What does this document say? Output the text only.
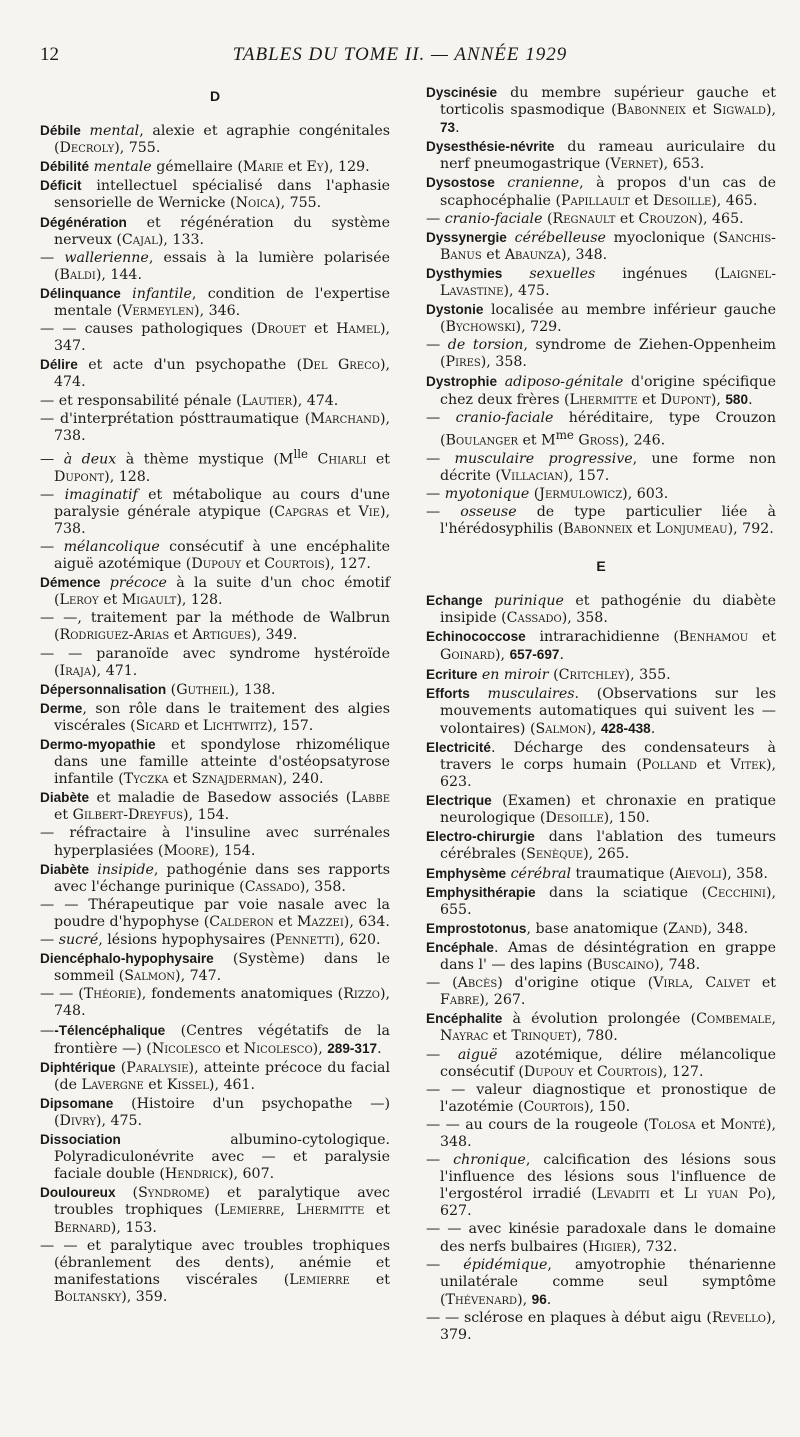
12	TABLES DU TOME II. — ANNÉE 1929
D

Débile mental, alexie et agraphie congénitales (Decroly), 755.

Débilité mentale gémellaire (Marie et Ey), 129.

Déficit intellectuel spécialisé dans l'aphasie sensorielle de Wernicke (Noica), 755.

Dégénération et régénération du système nerveux (Cajal), 133.

— wallerienne, essais à la lumière polarisée (Baldi), 144.

Délinquance infantile, condition de l'expertise mentale (Vermeylen), 346.

— — causes pathologiques (Drouet et Hamel), 347.

Délire et acte d'un psychopathe (Del Greco), 474.

— et responsabilité pénale (Lautier), 474.

— d'interprétation pósttraumatique (Marchand), 738.

— à deux à thème mystique ($M^{lle}$ Chiarli et Dupont), 128.

— imaginatif et métabolique au cours d'une paralysie générale atypique (Capgras et Vie), 738.

— mélancolique consécutif à une encéphalite aiguë azotémique (Dupouy et Courtois), 127.

Démence précoce à la suite d'un choc émotif (Leroy et Migault), 128.

— —, traitement par la méthode de Walbrun (Rodriguez-Arias et Artigues), 349.

— — paranoïde avec syndrome hystéroïde (Iraja), 471.

Dépersonnalisation (Gutheil), 138.

Derme, son rôle dans le traitement des algies viscérales (Sicard et Lichtwitz), 157.

Dermo-myopathie et spondylose rhizomélique dans une famille atteinte d'ostéopsatyrose infantile (Tyczka et Sznajderman), 240.

Diabète et maladie de Basedow associés (Labbe et Gilbert-Dreyfus), 154.

— réfractaire à l'insuline avec surrénales hyperplasiées (Moore), 154.

Diabète insipide, pathogénie dans ses rapports avec l'échange purinique (Cassado), 358.

— — Thérapeutique par voie nasale avec la poudre d'hypophyse (Calderon et Mazzei), 634.

— sucré, lésions hypophysaires (Pennetti), 620.

Diencéphalo-hypophysaire (Système) dans le sommeil (Salmon), 747.

— — (Théorie), fondements anatomiques (Rizzo), 748.

—-Télencéphalique (Centres végétatifs de la frontière —) (Nicolesco et Nicolesco), 289-317.

Diphtérique (Paralysie), atteinte précoce du facial (de Lavergne et Kissel), 461.

Dipsomane (Histoire d'un psychopathe —) (Divry), 475.

Dissociation albumino-cytologique. Polyradiculonévrite avec — et paralysie faciale double (Hendrick), 607.

Douloureux (Syndrome) et paralytique avec troubles trophiques (Lemierre, Lhermitte et Bernard), 153.

— — et paralytique avec troubles trophiques (ébranlement des dents), anémie et manifestations viscérales (Lemierre et Boltansky), 359.

Dyscinésie du membre supérieur gauche et torticolis spasmodique (Babonneix et Sigwald), 73.

Dysesthésie-névrite du rameau auriculaire du nerf pneumogastrique (Vernet), 653.

Dysostose cranienne, à propos d'un cas de scaphocéphalie (Papillault et Desoille), 465.

— cranio-faciale (Regnault et Crouzon), 465.

Dyssynergie cérébelleuse myoclonique (Sanchis-Banus et Abaunza), 348.

Dysthymies sexuelles ingénues (Laignel-Lavastine), 475.

Dystonie localisée au membre inférieur gauche (Bychowski), 729.

— de torsion, syndrome de Ziehen-Oppenheim (Pires), 358.

Dystrophie adiposo-génitale d'origine spécifique chez deux frères (Lhermitte et Dupont), 580.

— cranio-faciale héréditaire, type Crouzon (Boulanger et $M^{me}$ Gross), 246.

— musculaire progressive, une forme non décrite (Villacian), 157.

— myotonique (Jermulowicz), 603.

— osseuse de type particulier liée à l'hérédosyphilis (Babonneix et Lonjumeau), 792.

E

Echange purinique et pathogénie du diabète insipide (Cassado), 358.

Echinococcose intrarachidienne (Benhamou et Goinard), 657-697.

Ecriture en miroir (Critchley), 355.

Efforts musculaires. (Observations sur les mouvements automatiques qui suivent les — volontaires) (Salmon), 428-438.

Electricité. Décharge des condensateurs à travers le corps humain (Polland et Vitek), 623.

Electrique (Examen) et chronaxie en pratique neurologique (Desoille), 150.

Electro-chirurgie dans l'ablation des tumeurs cérébrales (Senèque), 265.

Emphysème cérébral traumatique (Aievoli), 358.

Emphysithérapie dans la sciatique (Cecchini), 655.

Emprostotonus, base anatomique (Zand), 348.

Encéphale. Amas de désintégration en grappe dans l' — des lapins (Buscaino), 748.

— (Abcès) d'origine otique (Virla, Calvet et Fabre), 267.

Encéphalite à évolution prolongée (Combemale, Nayrac et Trinquet), 780.

— aiguë azotémique, délire mélancolique consécutif (Dupouy et Courtois), 127.

— — valeur diagnostique et pronostique de l'azotémie (Courtois), 150.

— — au cours de la rougeole (Tolosa et Monté), 348.

— chronique, calcification des lésions sous l'influence des lésions sous l'influence de l'ergostérol irradié (Levaditi et Li yuan Po), 627.

— — avec kinésie paradoxale dans le domaine des nerfs bulbaires (Higier), 732.

— épidémique, amyotrophie thénarienne unilatérale comme seul symptôme (Thévenard), 96.

— — sclérose en plaques à début aigu (Revello), 379.
